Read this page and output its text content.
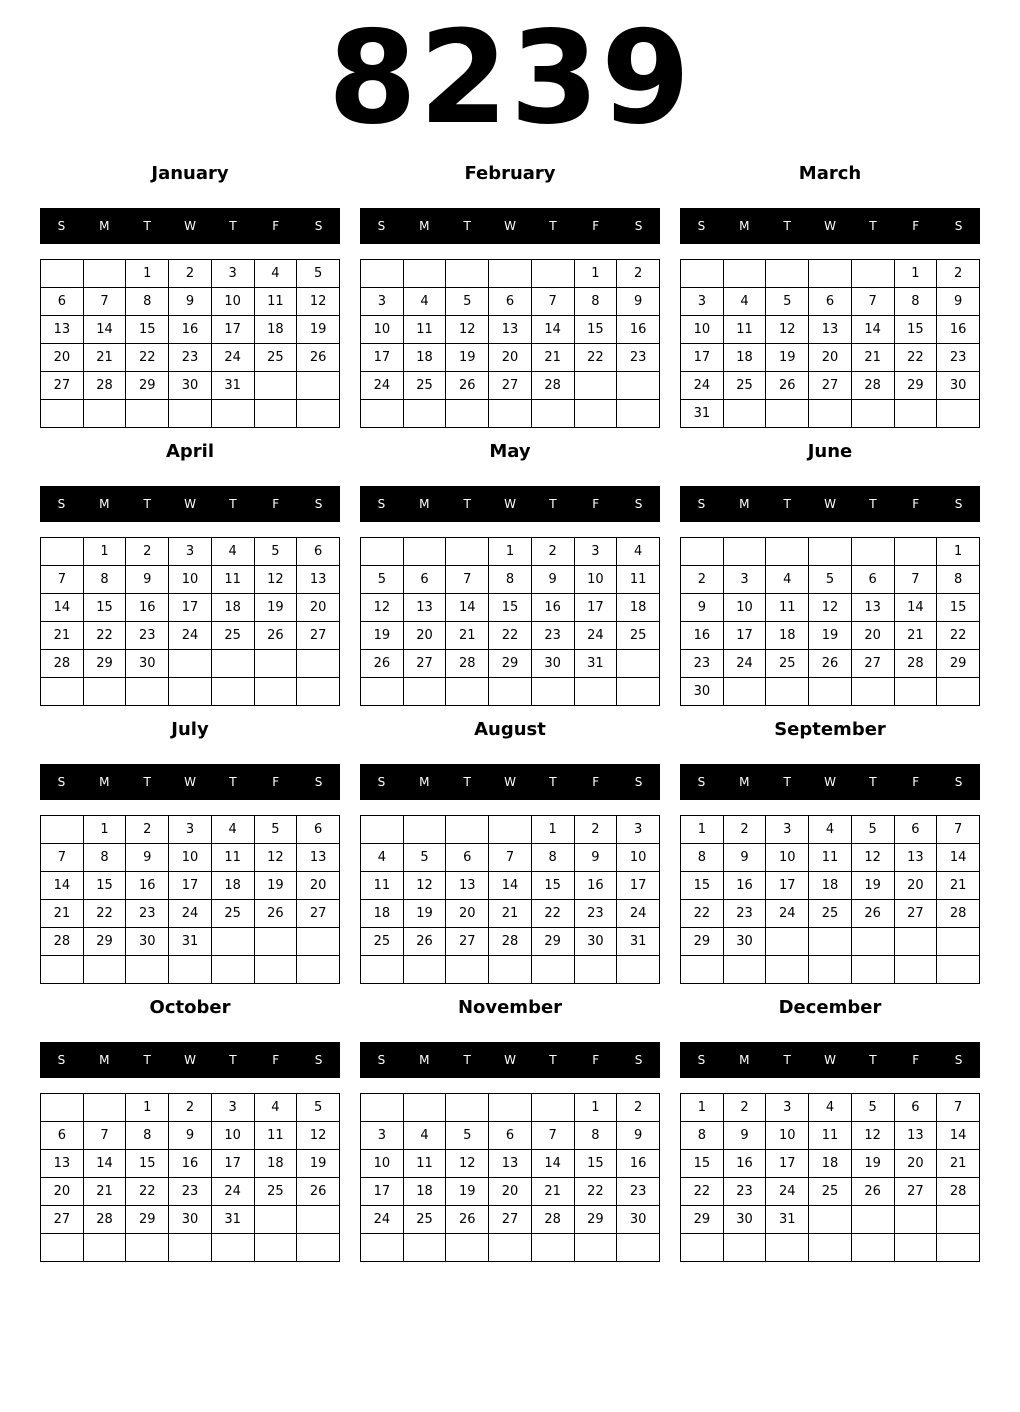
8239
January
S	M	T	W	T	F	S
		1	2	3	4	5
6	7	8	9	10	11	12
13	14	15	16	17	18	19
20	21	22	23	24	25	26
27	28	29	30	31		

February
S	M	T	W	T	F	S
					1	2
3	4	5	6	7	8	9
10	11	12	13	14	15	16
17	18	19	20	21	22	23
24	25	26	27	28		

March
S	M	T	W	T	F	S
					1	2
3	4	5	6	7	8	9
10	11	12	13	14	15	16
17	18	19	20	21	22	23
24	25	26	27	28	29	30
31						
April
S	M	T	W	T	F	S
	1	2	3	4	5	6
7	8	9	10	11	12	13
14	15	16	17	18	19	20
21	22	23	24	25	26	27
28	29	30				

May
S	M	T	W	T	F	S
			1	2	3	4
5	6	7	8	9	10	11
12	13	14	15	16	17	18
19	20	21	22	23	24	25
26	27	28	29	30	31	

June
S	M	T	W	T	F	S
						1
2	3	4	5	6	7	8
9	10	11	12	13	14	15
16	17	18	19	20	21	22
23	24	25	26	27	28	29
30						
July
S	M	T	W	T	F	S
	1	2	3	4	5	6
7	8	9	10	11	12	13
14	15	16	17	18	19	20
21	22	23	24	25	26	27
28	29	30	31			

August
S	M	T	W	T	F	S
				1	2	3
4	5	6	7	8	9	10
11	12	13	14	15	16	17
18	19	20	21	22	23	24
25	26	27	28	29	30	31

September
S	M	T	W	T	F	S
1	2	3	4	5	6	7
8	9	10	11	12	13	14
15	16	17	18	19	20	21
22	23	24	25	26	27	28
29	30					

October
S	M	T	W	T	F	S
		1	2	3	4	5
6	7	8	9	10	11	12
13	14	15	16	17	18	19
20	21	22	23	24	25	26
27	28	29	30	31		

November
S	M	T	W	T	F	S
					1	2
3	4	5	6	7	8	9
10	11	12	13	14	15	16
17	18	19	20	21	22	23
24	25	26	27	28	29	30

December
S	M	T	W	T	F	S
1	2	3	4	5	6	7
8	9	10	11	12	13	14
15	16	17	18	19	20	21
22	23	24	25	26	27	28
29	30	31				
